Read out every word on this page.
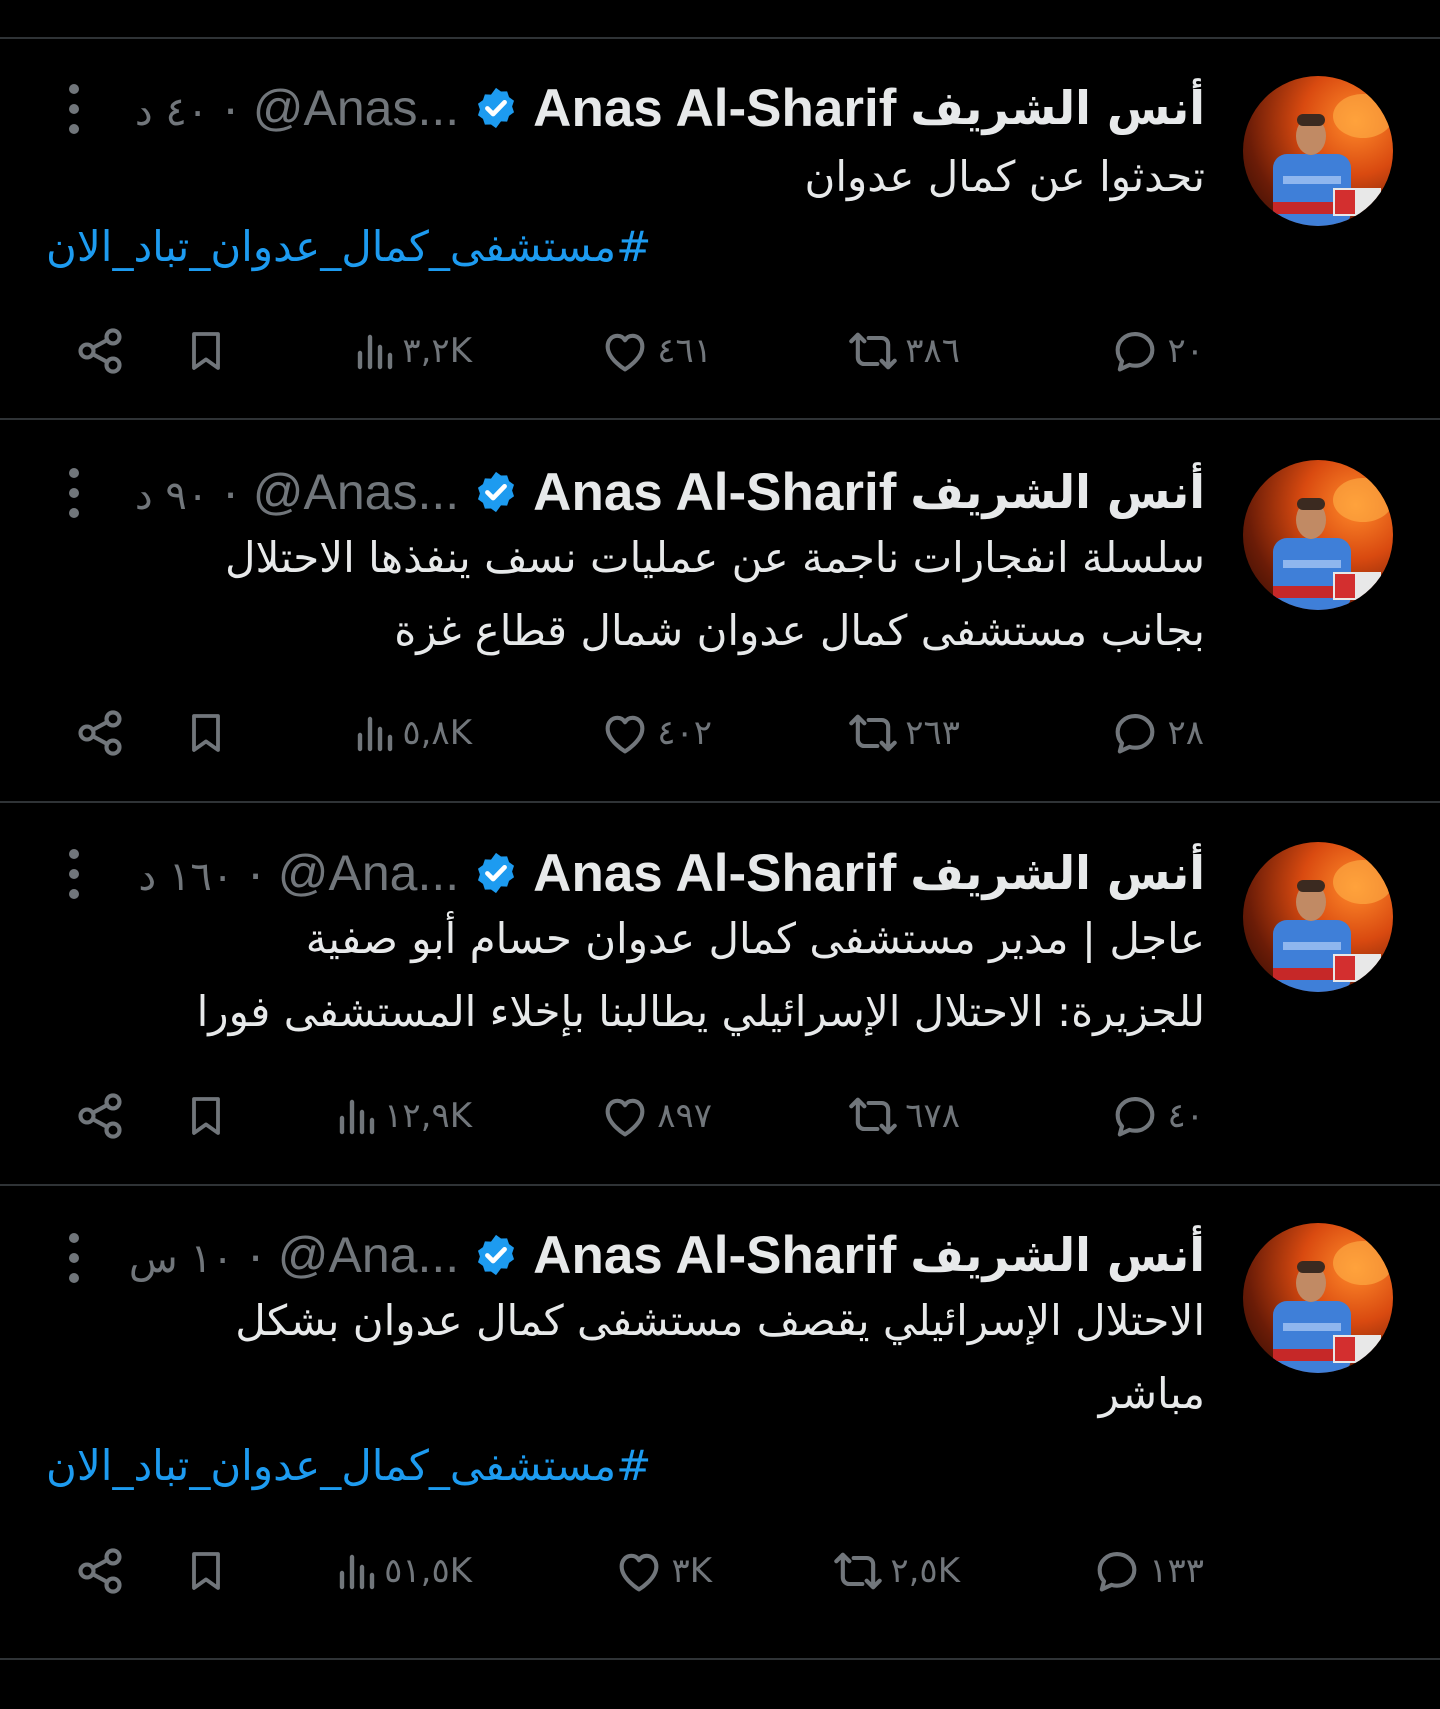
أنس الشريف
Anas Al-Sharif
٤٠ د · @Anas...
تحدثوا عن كمال عدوان
#مستشفى_كمال_عدوان_تباد_الان
٢٠
٣٨٦
٤٦١
٣,٢K
أنس الشريف
Anas Al-Sharif
٩٠ د · @Anas...
سلسلة انفجارات ناجمة عن عمليات نسف ينفذها الاحتلال
بجانب مستشفى كمال عدوان شمال قطاع غزة
٢٨
٢٦٣
٤٠٢
٥,٨K
أنس الشريف
Anas Al-Sharif
١٦٠ د · @Ana...
عاجل | مدير مستشفى كمال عدوان حسام أبو صفية
للجزيرة: الاحتلال الإسرائيلي يطالبنا بإخلاء المستشفى فورا
٤٠
٦٧٨
٨٩٧
١٢,٩K
أنس الشريف
Anas Al-Sharif
١٠ س · @Ana...
الاحتلال الإسرائيلي يقصف مستشفى كمال عدوان بشكل
مباشر
#مستشفى_كمال_عدوان_تباد_الان
١٣٣
٢,٥K
٣K
٥١,٥K
